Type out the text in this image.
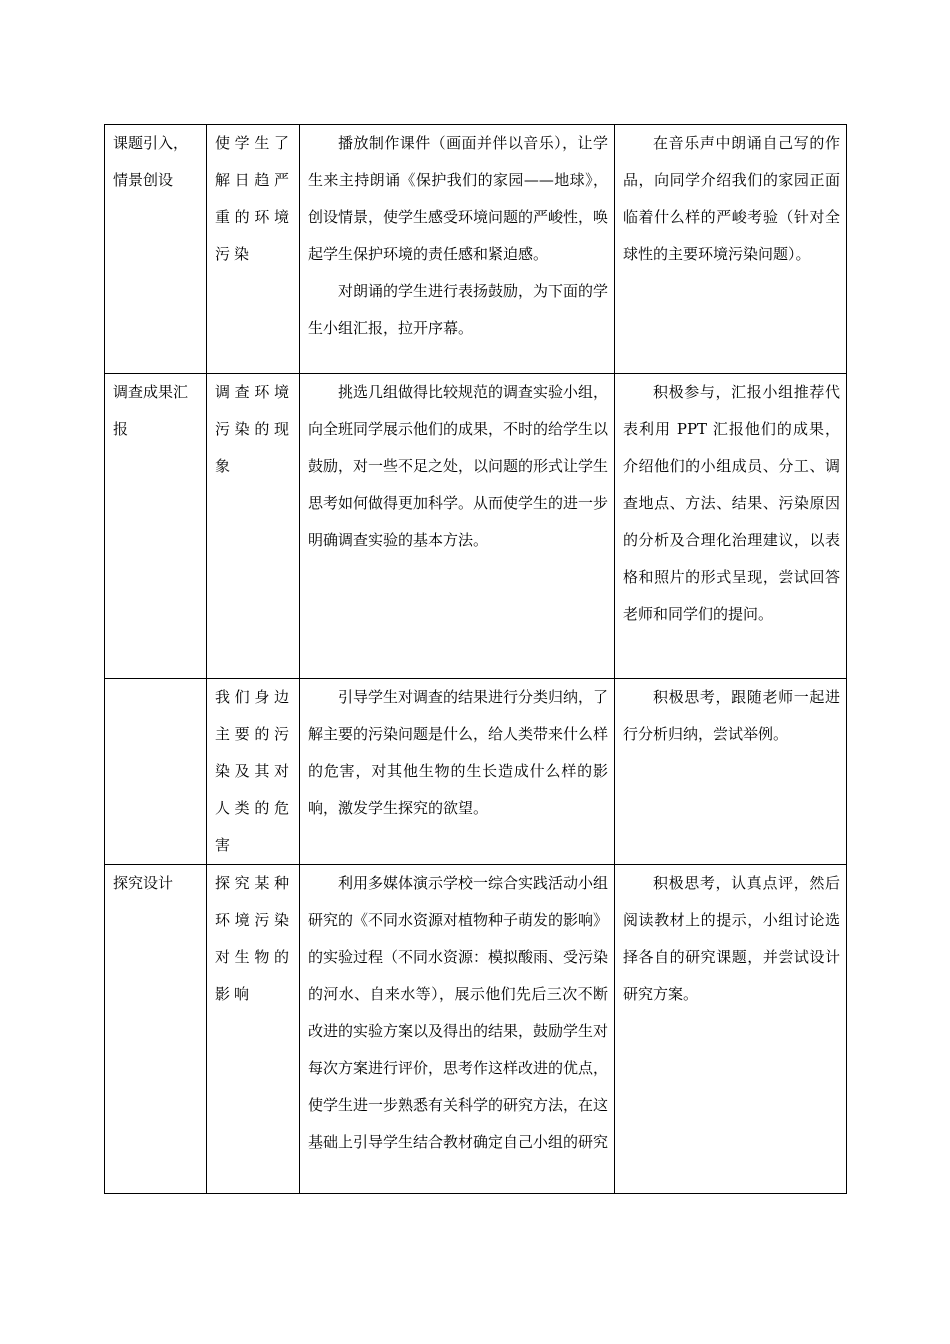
课题引入，情景创设	使学生了解日趋严重的环境污染	播放制作课件（画面并伴以音乐），让学生来主持朗诵《保护我们的家园——地球》，创设情景，使学生感受环境问题的严峻性，唤起学生保护环境的责任感和紧迫感。

对朗诵的学生进行表扬鼓励，为下面的学生小组汇报，拉开序幕。	在音乐声中朗诵自己写的作品，向同学介绍我们的家园正面临着什么样的严峻考验（针对全球性的主要环境污染问题）。

调查成果汇报	调查环境污染的现象	挑选几组做得比较规范的调查实验小组，向全班同学展示他们的成果，不时的给学生以鼓励，对一些不足之处，以问题的形式让学生思考如何做得更加科学。从而使学生的进一步明确调查实验的基本方法。	积极参与，汇报小组推荐代表利用 PPT 汇报他们的成果，介绍他们的小组成员、分工、调查地点、方法、结果、污染原因的分析及合理化治理建议，以表格和照片的形式呈现，尝试回答老师和同学们的提问。

	我们身边主要的污染及其对人类的危害	引导学生对调查的结果进行分类归纳，了解主要的污染问题是什么，给人类带来什么样的危害，对其他生物的生长造成什么样的影响，激发学生探究的欲望。	积极思考，跟随老师一起进行分析归纳，尝试举例。

探究设计	探究某种环境污染对生物的影响	利用多媒体演示学校一综合实践活动小组研究的《不同水资源对植物种子萌发的影响》的实验过程（不同水资源：模拟酸雨、受污染的河水、自来水等），展示他们先后三次不断改进的实验方案以及得出的结果，鼓励学生对每次方案进行评价，思考作这样改进的优点，使学生进一步熟悉有关科学的研究方法，在这基础上引导学生结合教材确定自己小组的研究	积极思考，认真点评，然后阅读教材上的提示，小组讨论选择各自的研究课题，并尝试设计研究方案。
